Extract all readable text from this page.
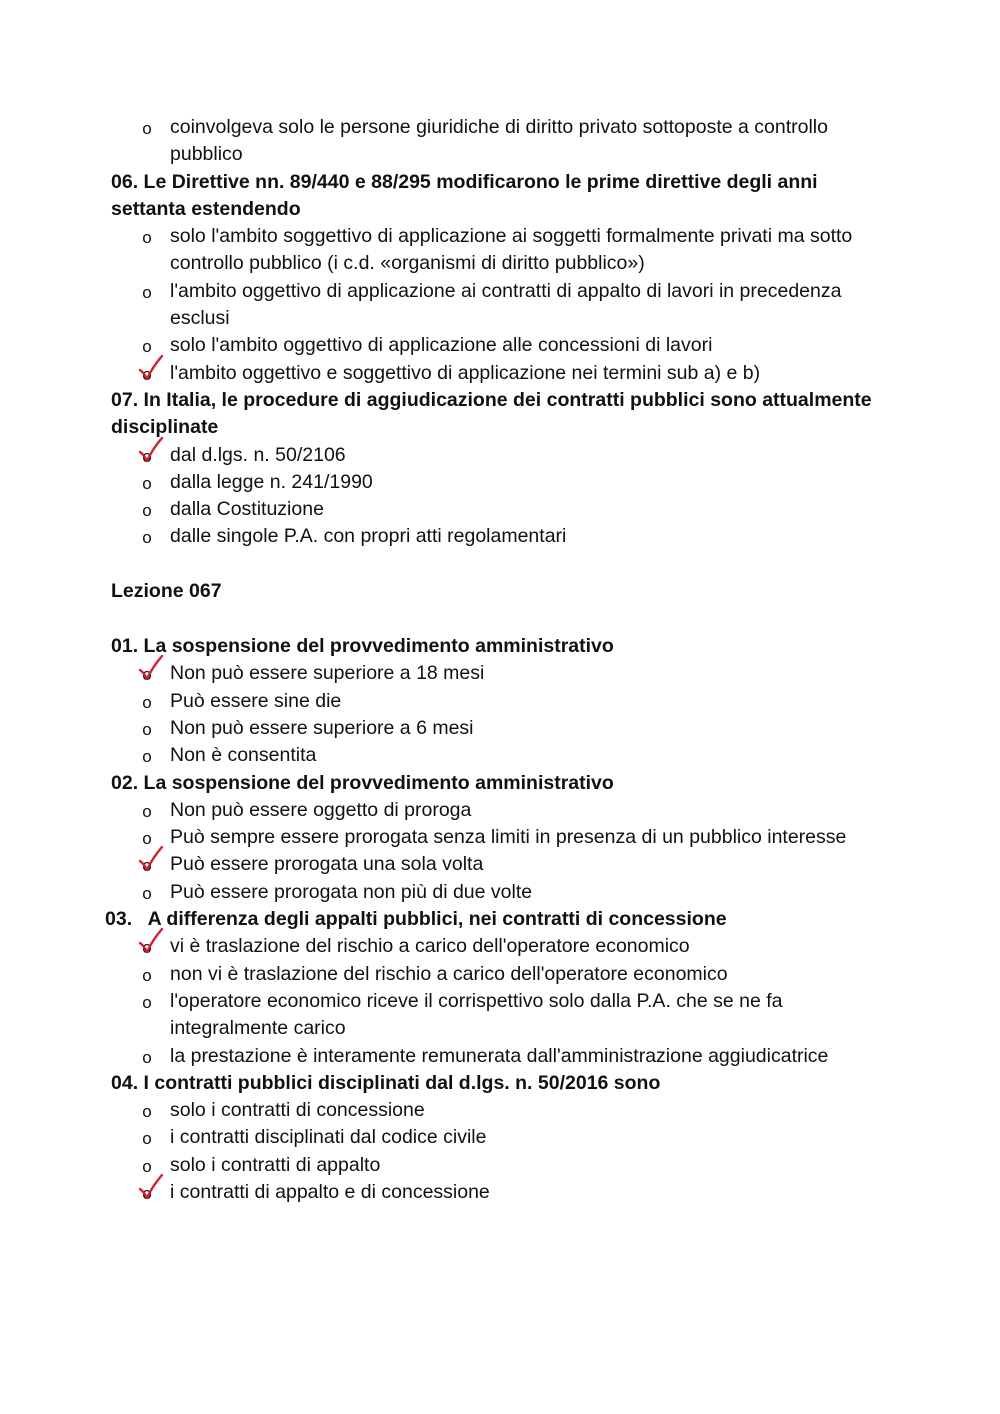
o coinvolgeva solo le persone giuridiche di diritto privato sottoposte a controllo pubblico
06. Le Direttive nn. 89/440 e 88/295 modificarono le prime direttive degli anni settanta estendendo
o solo l'ambito soggettivo di applicazione ai soggetti formalmente privati ma sotto controllo pubblico (i c.d. «organismi di diritto pubblico»)
o l'ambito oggettivo di applicazione ai contratti di appalto di lavori in precedenza esclusi
o solo l'ambito oggettivo di applicazione alle concessioni di lavori
o l'ambito oggettivo e soggettivo di applicazione nei termini sub a) e b)
07. In Italia, le procedure di aggiudicazione dei contratti pubblici sono attualmente disciplinate
o dal d.lgs. n. 50/2106
o dalla legge n. 241/1990
o dalla Costituzione
o dalle singole P.A. con propri atti regolamentari
Lezione 067
01. La sospensione del provvedimento amministrativo
o Non può essere superiore a 18 mesi
o Può essere sine die
o Non può essere superiore a 6 mesi
o Non è consentita
02. La sospensione del provvedimento amministrativo
o Non può essere oggetto di proroga
o Può sempre essere prorogata senza limiti in presenza di un pubblico interesse
o Può essere prorogata una sola volta
o Può essere prorogata non più di due volte
03. A differenza degli appalti pubblici, nei contratti di concessione
o vi è traslazione del rischio a carico dell'operatore economico
o non vi è traslazione del rischio a carico dell'operatore economico
o l'operatore economico riceve il corrispettivo solo dalla P.A. che se ne fa integralmente carico
o la prestazione è interamente remunerata dall'amministrazione aggiudicatrice
04. I contratti pubblici disciplinati dal d.lgs. n. 50/2016 sono
o solo i contratti di concessione
o i contratti disciplinati dal codice civile
o solo i contratti di appalto
o i contratti di appalto e di concessione
